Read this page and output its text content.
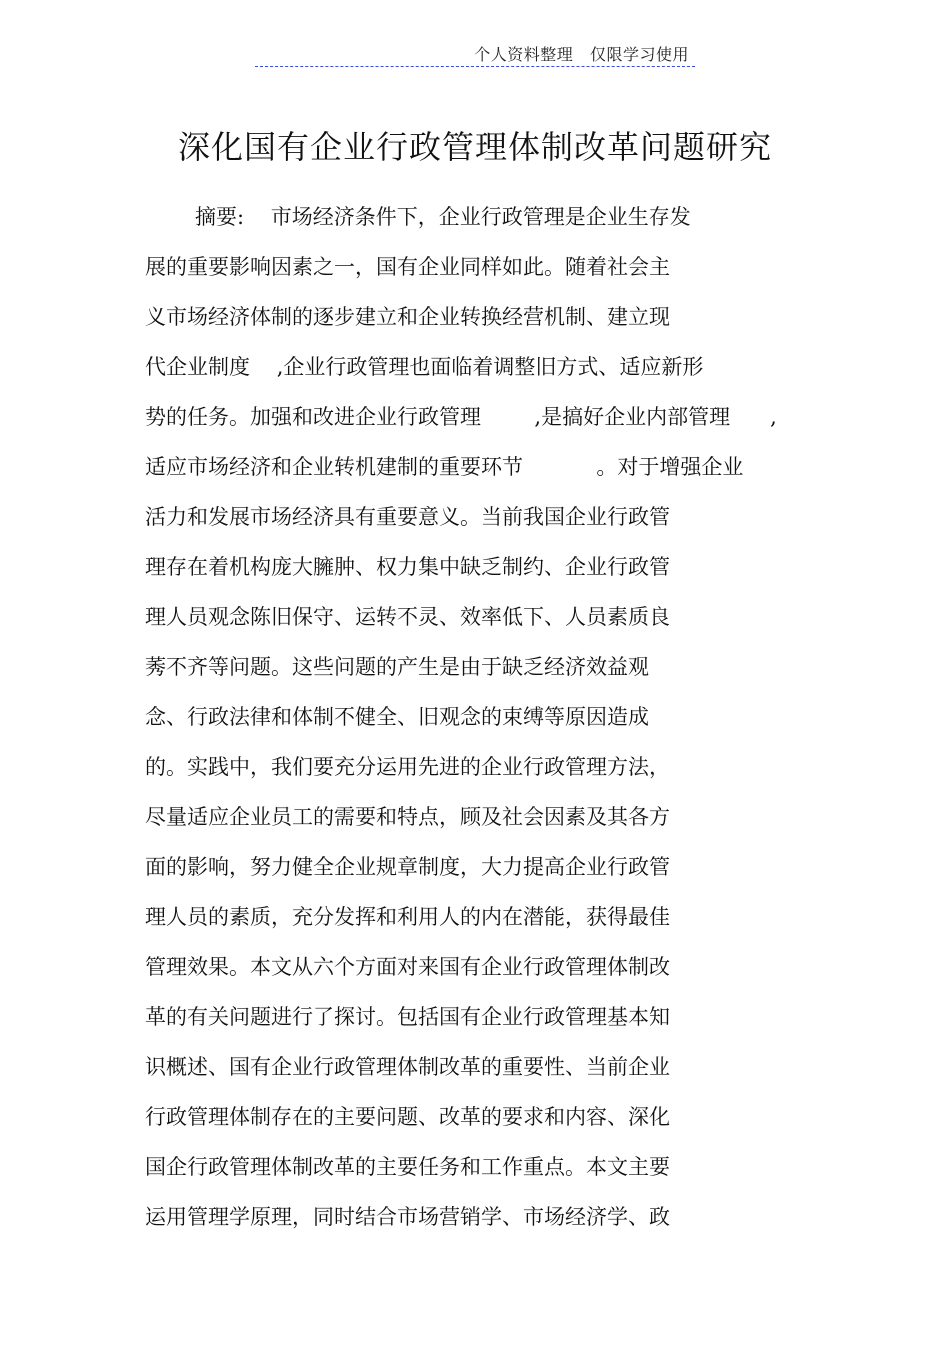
个人资料整理   仅限学习使用
深化国有企业行政管理体制改革问题研究
摘要:    市场经济条件下，企业行政管理是企业生存发
展的重要影响因素之一，国有企业同样如此。随着社会主
义市场经济体制的逐步建立和企业转换经营机制、建立现
代企业制度    ,企业行政管理也面临着调整旧方式、适应新形
势的任务。加强和改进企业行政管理        ,是搞好企业内部管理      ,
适应市场经济和企业转机建制的重要环节           。对于增强企业
活力和发展市场经济具有重要意义。当前我国企业行政管
理存在着机构庞大臃肿、权力集中缺乏制约、企业行政管
理人员观念陈旧保守、运转不灵、效率低下、人员素质良
莠不齐等问题。这些问题的产生是由于缺乏经济效益观
念、行政法律和体制不健全、旧观念的束缚等原因造成
的。实践中，我们要充分运用先进的企业行政管理方法，
尽量适应企业员工的需要和特点，顾及社会因素及其各方
面的影响，努力健全企业规章制度，大力提高企业行政管
理人员的素质，充分发挥和利用人的内在潜能，获得最佳
管理效果。本文从六个方面对来国有企业行政管理体制改
革的有关问题进行了探讨。包括国有企业行政管理基本知
识概述、国有企业行政管理体制改革的重要性、当前企业
行政管理体制存在的主要问题、改革的要求和内容、深化
国企行政管理体制改革的主要任务和工作重点。本文主要
运用管理学原理，同时结合市场营销学、市场经济学、政
